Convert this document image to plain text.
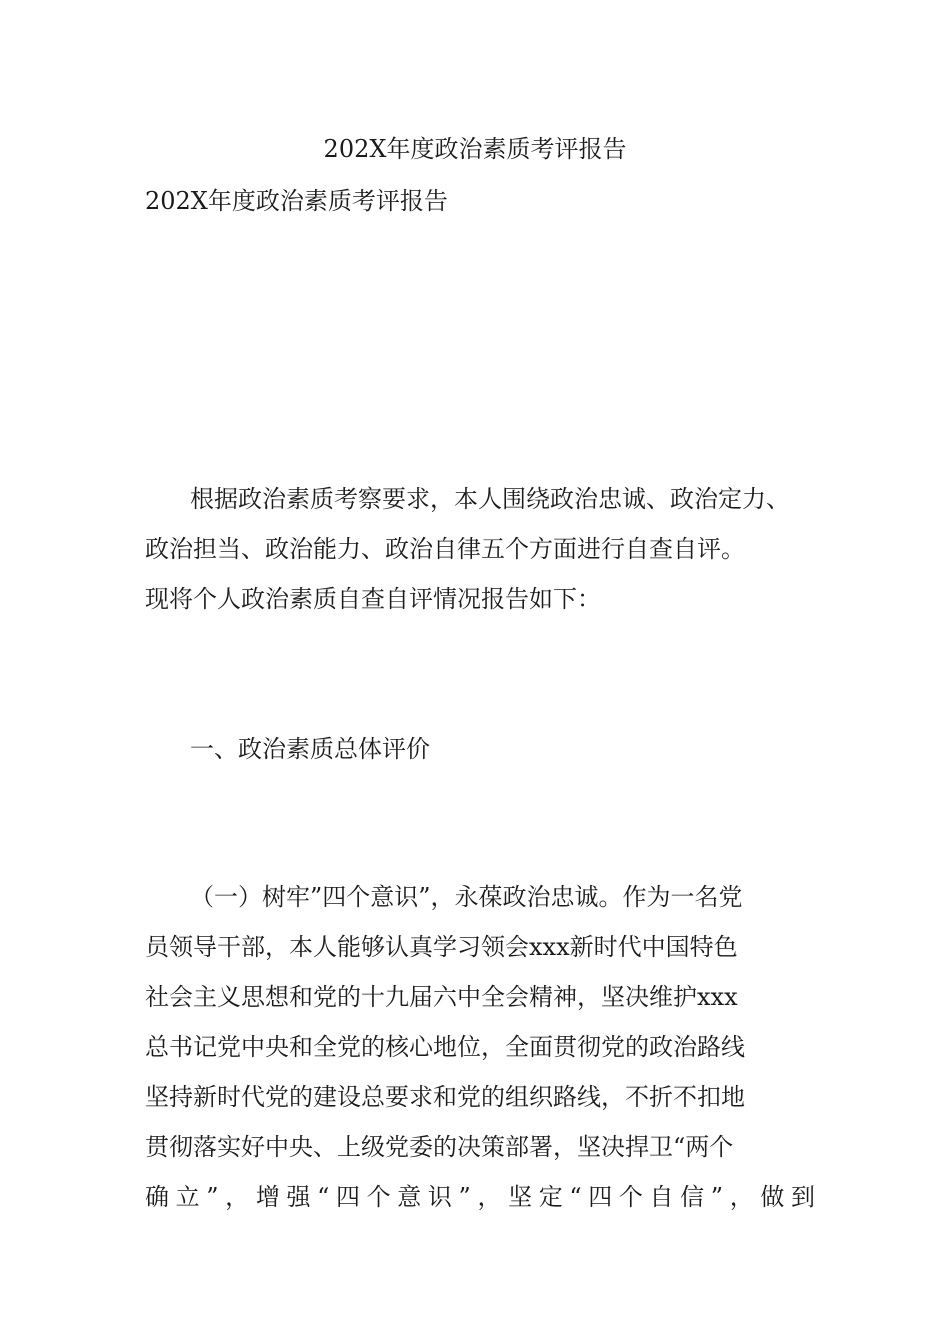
202X年度政治素质考评报告
202X年度政治素质考评报告
根据政治素质考察要求，本人围绕政治忠诚、政治定力、
政治担当、政治能力、政治自律五个方面进行自查自评。
现将个人政治素质自查自评情况报告如下：
一、政治素质总体评价
（一）树牢”四个意识”，永葆政治忠诚。作为一名党
员领导干部，本人能够认真学习领会xxx新时代中国特色
社会主义思想和党的十九届六中全会精神，坚决维护xxx
总书记党中央和全党的核心地位，全面贯彻党的政治路线
坚持新时代党的建设总要求和党的组织路线，不折不扣地
贯彻落实好中央、上级党委的决策部署，坚决捍卫“两个
确立”，增强“四个意识”，坚定“四个自信”，做到
